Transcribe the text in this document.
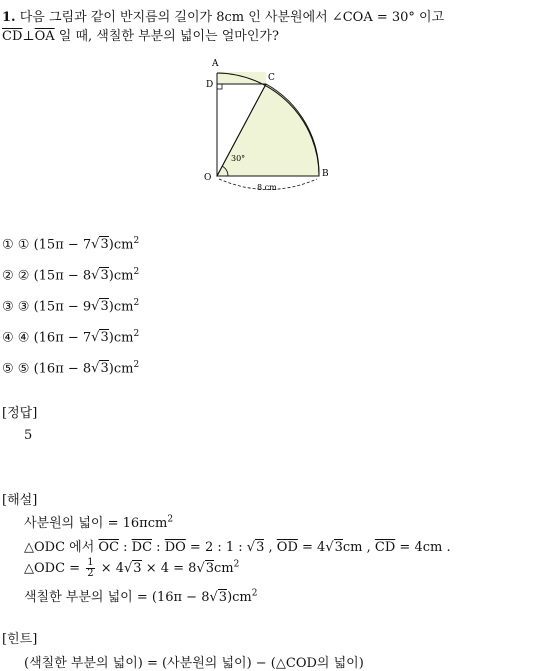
1. 다음 그림과 같이 반지름의 길이가 8cm 인 사분원에서 ∠COA = 30° 이고
$\overline{CD}\perp\overline{OA}$ 일 때, 색칠한 부분의 넓이는 얼마인가?
A
D
C
O	B
30°
8 cm
① ① $(15\pi - 7√3)cm^2$
② ② $(15\pi - 8√3)cm^2$
③ ③ $(15\pi - 9√3)cm^2$
④ ④ $(16\pi - 7√3)cm^2$
⑤ ⑤ $(16\pi - 8√3)cm^2$
[정답]
5
[해설]
사분원의 넓이 = 16πcm$^2$
△ODC 에서 $\overline{OC}$ : $\overline{DC}$ : $\overline{DO} = 2$ : 1 : √3 , $\overline{OD} = 4√3cm$ , $\overline{CD} = 4cm$ .
△ODC = $\frac{1}{2} \times 4√3 \times 4 = 8√3cm^2$
색칠한 부분의 넓이 = $(16\pi - 8√3)cm^2$
[힌트]
(색칠한 부분의 넓이) = (사분원의 넓이) − (△COD의 넓이)
